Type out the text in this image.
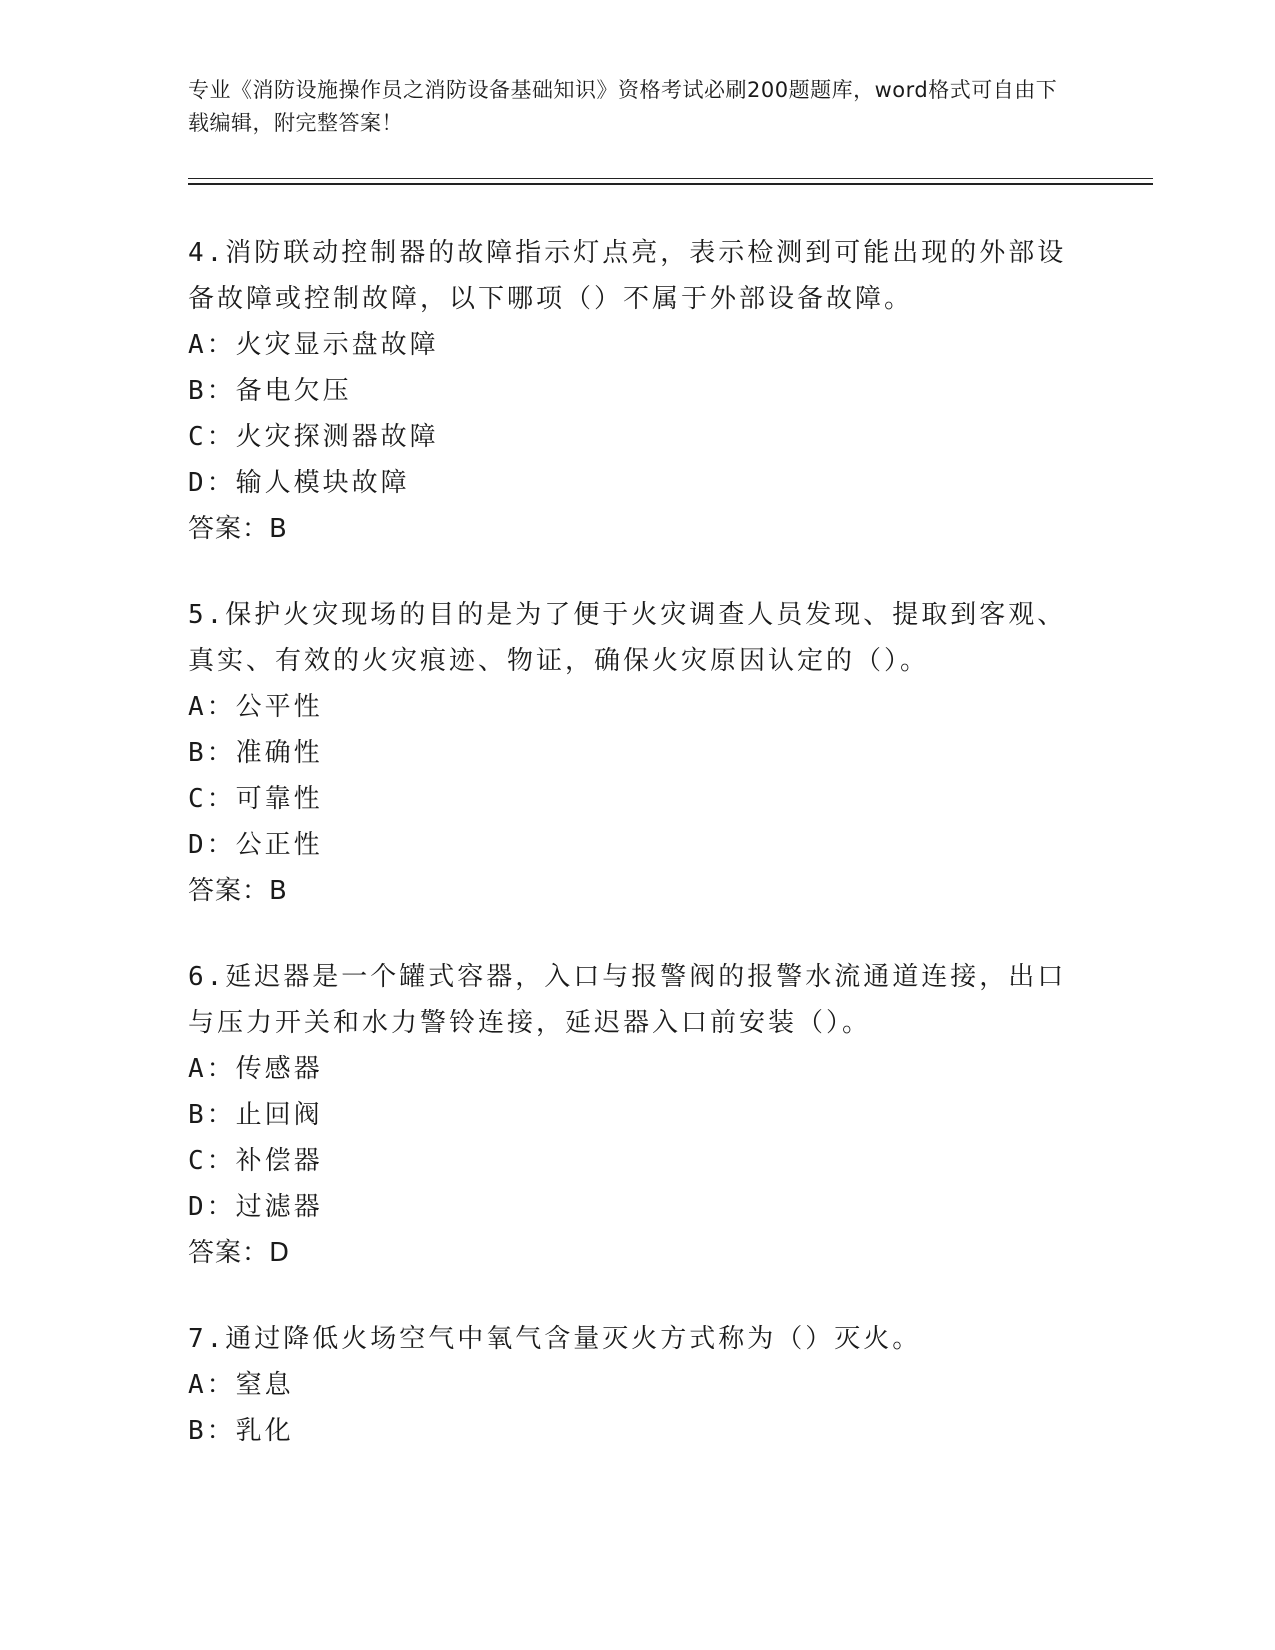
专业《消防设施操作员之消防设备基础知识》资格考试必刷200题题库，word格式可自由下载编辑，附完整答案！

4.消防联动控制器的故障指示灯点亮，表示检测到可能出现的外部设备故障或控制故障，以下哪项（）不属于外部设备故障。

A：火灾显示盘故障

B：备电欠压

C：火灾探测器故障

D：输人模块故障

答案：B

5.保护火灾现场的目的是为了便于火灾调查人员发现、提取到客观、真实、有效的火灾痕迹、物证，确保火灾原因认定的（）。

A：公平性

B：准确性

C：可靠性

D：公正性

答案：B

6.延迟器是一个罐式容器，入口与报警阀的报警水流通道连接，出口与压力开关和水力警铃连接，延迟器入口前安装（）。

A：传感器

B：止回阀

C：补偿器

D：过滤器

答案：D

7.通过降低火场空气中氧气含量灭火方式称为（）灭火。

A：窒息

B：乳化
